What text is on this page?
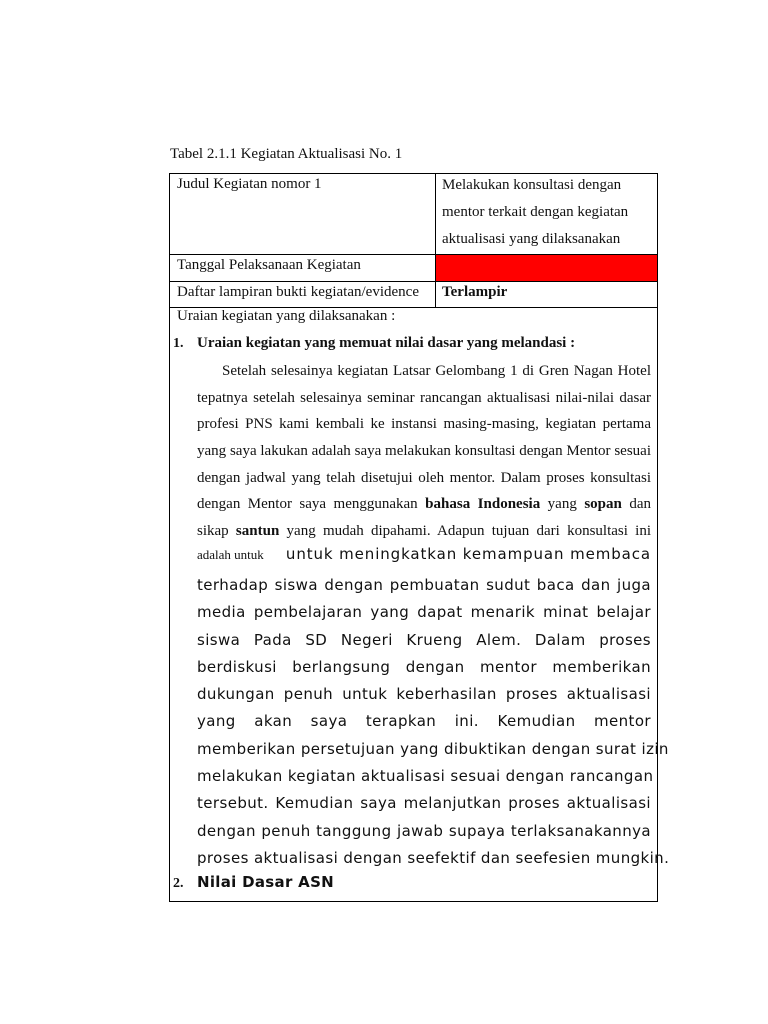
Tabel 2.1.1 Kegiatan Aktualisasi No. 1
Judul Kegiatan nomor 1	Melakukan konsultasi dengan
mentor terkait dengan kegiatan
aktualisasi yang dilaksanakan
Tanggal Pelaksanaan Kegiatan
Daftar lampiran bukti kegiatan/evidence	Terlampir
Uraian kegiatan yang dilaksanakan :
1. Uraian kegiatan yang memuat nilai dasar yang melandasi :
Setelah selesainya kegiatan Latsar Gelombang 1 di Gren Nagan Hotel
tepatnya setelah selesainya seminar rancangan aktualisasi nilai-nilai dasar
profesi PNS kami kembali ke instansi masing-masing, kegiatan pertama
yang saya lakukan adalah saya melakukan konsultasi dengan Mentor sesuai
dengan jadwal yang telah disetujui oleh mentor. Dalam proses konsultasi
dengan Mentor saya menggunakan bahasa Indonesia yang sopan dan
sikap santun yang mudah dipahami. Adapun tujuan dari konsultasi ini
adalah untuk untuk meningkatkan kemampuan membaca
terhadap siswa dengan pembuatan sudut baca dan juga
media pembelajaran yang dapat menarik minat belajar
siswa Pada SD Negeri Krueng Alem. Dalam proses
berdiskusi berlangsung dengan mentor memberikan
dukungan penuh untuk keberhasilan proses aktualisasi
yang akan saya terapkan ini. Kemudian mentor
memberikan persetujuan yang dibuktikan dengan surat izin
melakukan kegiatan aktualisasi sesuai dengan rancangan
tersebut. Kemudian saya melanjutkan proses aktualisasi
dengan penuh tanggung jawab supaya terlaksanakannya
proses aktualisasi dengan seefektif dan seefesien mungkin.
2. Nilai Dasar ASN
